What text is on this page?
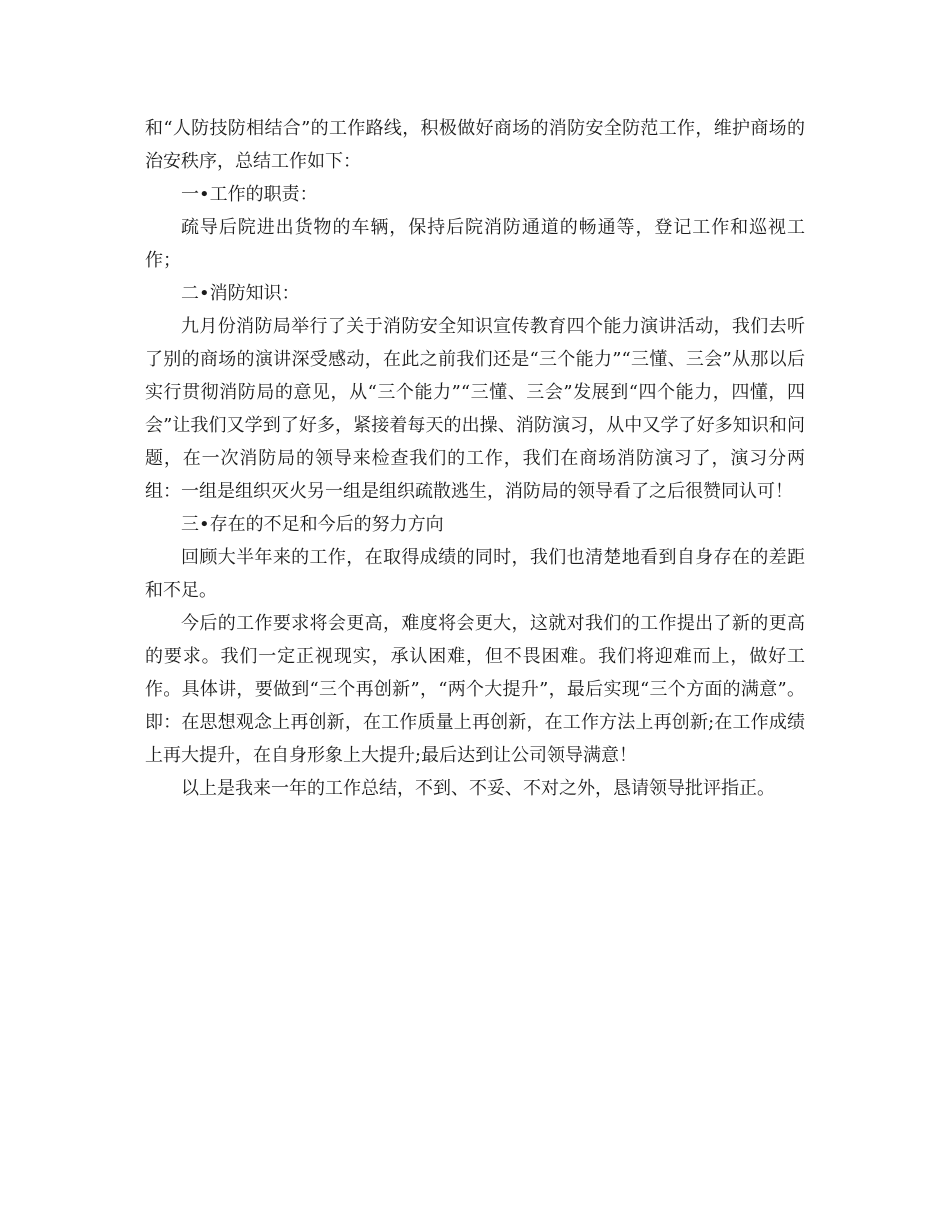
和“人防技防相结合”的工作路线，积极做好商场的消防安全防范工作，维护商场的治安秩序，总结工作如下：

一•工作的职责：

疏导后院进出货物的车辆，保持后院消防通道的畅通等，登记工作和巡视工作；

二•消防知识：

九月份消防局举行了关于消防安全知识宣传教育四个能力演讲活动，我们去听了别的商场的演讲深受感动，在此之前我们还是“三个能力”“三懂、三会”从那以后实行贯彻消防局的意见，从“三个能力”“三懂、三会”发展到“四个能力，四懂，四会”让我们又学到了好多，紧接着每天的出操、消防演习，从中又学了好多知识和问题，在一次消防局的领导来检查我们的工作，我们在商场消防演习了，演习分两组：一组是组织灭火另一组是组织疏散逃生，消防局的领导看了之后很赞同认可！

三•存在的不足和今后的努力方向

回顾大半年来的工作，在取得成绩的同时，我们也清楚地看到自身存在的差距和不足。

今后的工作要求将会更高，难度将会更大，这就对我们的工作提出了新的更高的要求。我们一定正视现实，承认困难，但不畏困难。我们将迎难而上，做好工作。具体讲，要做到“三个再创新”，“两个大提升”，最后实现“三个方面的满意”。即：在思想观念上再创新，在工作质量上再创新，在工作方法上再创新;在工作成绩上再大提升，在自身形象上大提升;最后达到让公司领导满意！

以上是我来一年的工作总结，不到、不妥、不对之外，恳请领导批评指正。
